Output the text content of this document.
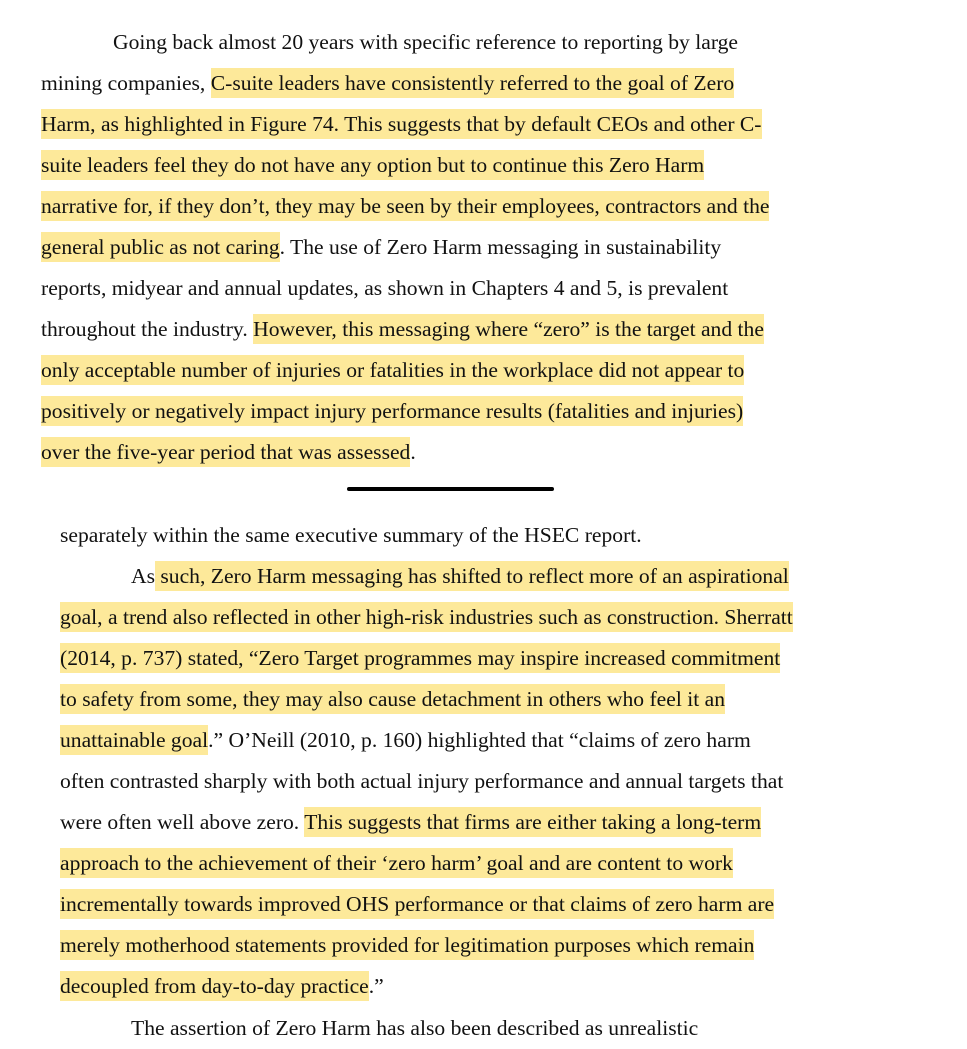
Going back almost 20 years with specific reference to reporting by large
mining companies, C-suite leaders have consistently referred to the goal of Zero
Harm, as highlighted in Figure 74. This suggests that by default CEOs and other C-
suite leaders feel they do not have any option but to continue this Zero Harm
narrative for, if they don’t, they may be seen by their employees, contractors and the
general public as not caring. The use of Zero Harm messaging in sustainability
reports, midyear and annual updates, as shown in Chapters 4 and 5, is prevalent
throughout the industry. However, this messaging where “zero” is the target and the
only acceptable number of injuries or fatalities in the workplace did not appear to
positively or negatively impact injury performance results (fatalities and injuries)
over the five-year period that was assessed.
separately within the same executive summary of the HSEC report.
As such, Zero Harm messaging has shifted to reflect more of an aspirational
goal, a trend also reflected in other high-risk industries such as construction. Sherratt
(2014, p. 737) stated, “Zero Target programmes may inspire increased commitment
to safety from some, they may also cause detachment in others who feel it an
unattainable goal.” O’Neill (2010, p. 160) highlighted that “claims of zero harm
often contrasted sharply with both actual injury performance and annual targets that
were often well above zero. This suggests that firms are either taking a long-term
approach to the achievement of their ‘zero harm’ goal and are content to work
incrementally towards improved OHS performance or that claims of zero harm are
merely motherhood statements provided for legitimation purposes which remain
decoupled from day-to-day practice.”
The assertion of Zero Harm has also been described as unrealistic
